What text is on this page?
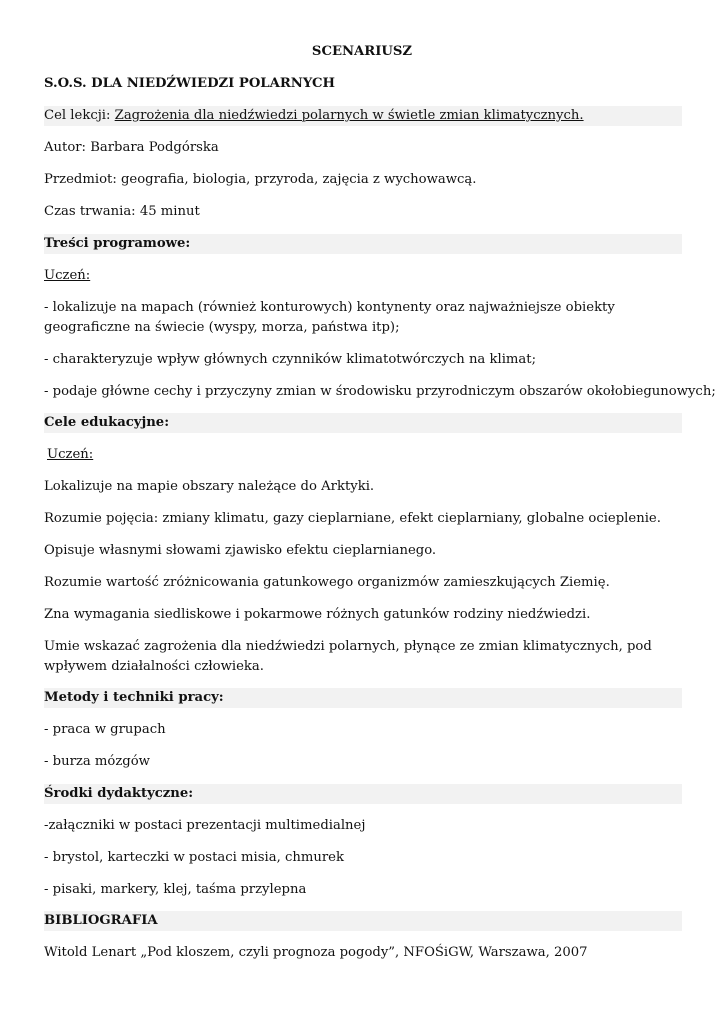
SCENARIUSZ
S.O.S. DLA NIEDŹWIEDZI POLARNYCH
Cel lekcji: Zagrożenia dla niedźwiedzi polarnych w świetle zmian klimatycznych.
Autor: Barbara Podgórska
Przedmiot: geografia, biologia, przyroda, zajęcia z wychowawcą.
Czas trwania: 45 minut
Treści programowe:
Uczeń:
- lokalizuje na mapach (również konturowych) kontynenty oraz najważniejsze obiekty geograficzne na świecie (wyspy, morza, państwa itp);
- charakteryzuje wpływ głównych czynników klimatotwórczych na klimat;
- podaje główne cechy i przyczyny zmian w środowisku przyrodniczym obszarów okołobiegunowych;
Cele edukacyjne:
Uczeń:
Lokalizuje na mapie obszary należące do Arktyki.
Rozumie pojęcia: zmiany klimatu, gazy cieplarniane, efekt cieplarniany, globalne ocieplenie.
Opisuje własnymi słowami zjawisko efektu cieplarnianego.
Rozumie wartość zróżnicowania gatunkowego organizmów zamieszkujących Ziemię.
Zna wymagania siedliskowe i pokarmowe różnych gatunków rodziny niedźwiedzi.
Umie wskazać zagrożenia dla niedźwiedzi polarnych, płynące ze zmian klimatycznych, pod wpływem działalności człowieka.
Metody i techniki pracy:
- praca w grupach
- burza mózgów
Środki dydaktyczne:
-załączniki w postaci prezentacji multimedialnej
- brystol, karteczki w postaci misia, chmurek
- pisaki, markery, klej, taśma przylepna
BIBLIOGRAFIA
Witold Lenart „Pod kloszem, czyli prognoza pogody”, NFOŚiGW, Warszawa, 2007
